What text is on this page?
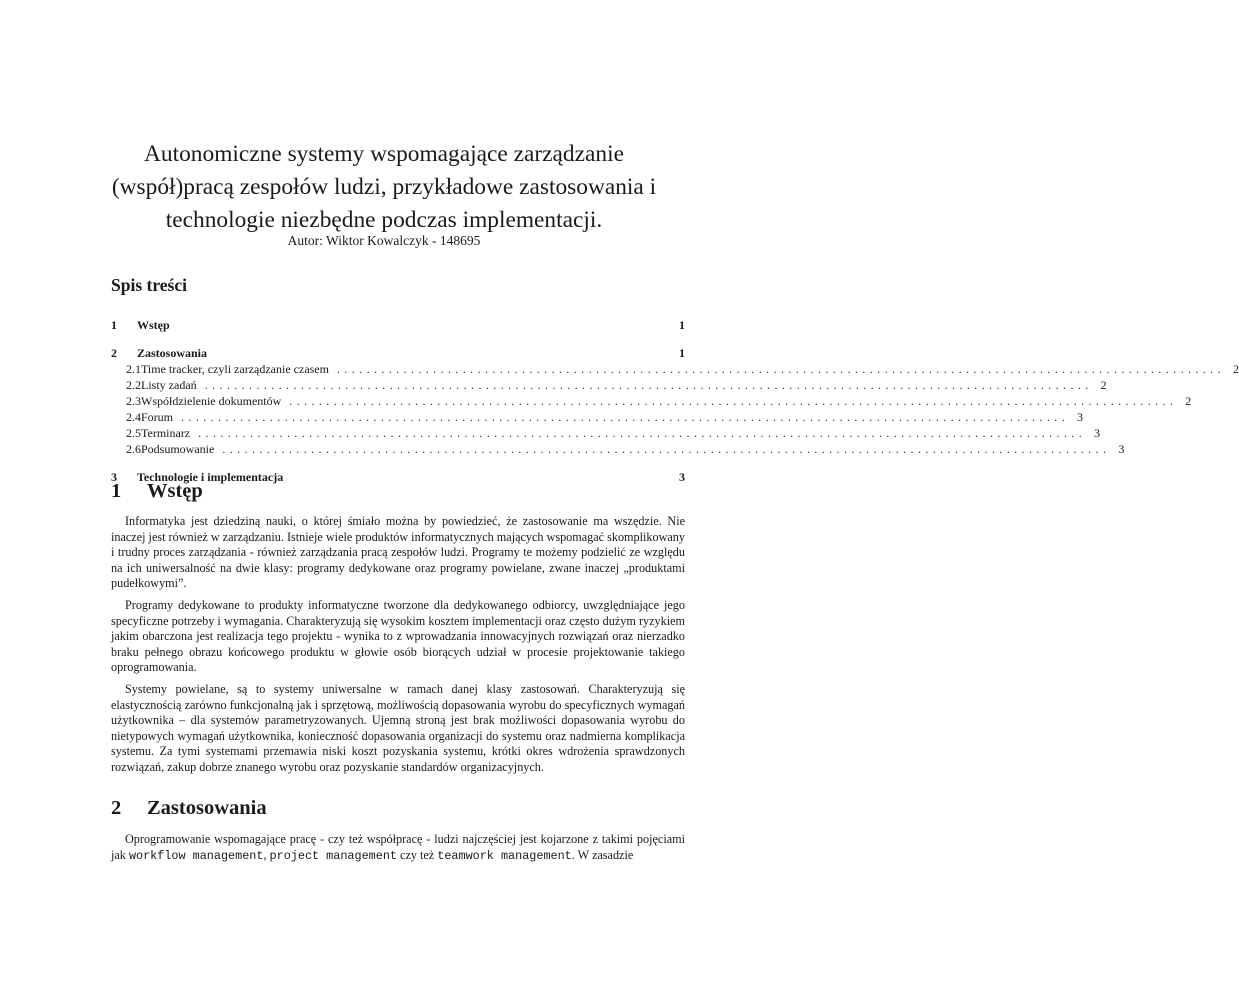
Autonomiczne systemy wspomagające zarządzanie (współ)pracą zespołów ludzi, przykładowe zastosowania i technologie niezbędne podczas implementacji.
Autor: Wiktor Kowalczyk - 148695
Spis treści
1	Wstęp	1
2	Zastosowania	1
2.1 Time tracker, czyli zarządzanie czasem ........................................................................................................................ 2
2.2 Listy zadań ........................................................................................................................ 2
2.3 Współdzielenie dokumentów ........................................................................................................................ 2
2.4 Forum ........................................................................................................................ 3
2.5 Terminarz ........................................................................................................................ 3
2.6 Podsumowanie ........................................................................................................................ 3
3	Technologie i implementacja	3
1	Wstęp

Informatyka jest dziedziną nauki, o której śmiało można by powiedzieć, że zastosowanie ma wszędzie. Nie inaczej jest również w zarządzaniu. Istnieje wiele produktów informatycznych mających wspomagać skomplikowany i trudny proces zarządzania - również zarządzania pracą zespołów ludzi. Programy te możemy podzielić ze względu na ich uniwersalność na dwie klasy: programy dedykowane oraz programy powielane, zwane inaczej „produktami pudełkowymi”.

Programy dedykowane to produkty informatyczne tworzone dla dedykowanego odbiorcy, uwzględniające jego specyficzne potrzeby i wymagania. Charakteryzują się wysokim kosztem implementacji oraz często dużym ryzykiem jakim obarczona jest realizacja tego projektu - wynika to z wprowadzania innowacyjnych rozwiązań oraz nierzadko braku pełnego obrazu końcowego produktu w głowie osób biorących udział w procesie projektowanie takiego oprogramowania.

Systemy powielane, są to systemy uniwersalne w ramach danej klasy zastosowań. Charakteryzują się elastycznością zarówno funkcjonalną jak i sprzętową, możliwością dopasowania wyrobu do specyficznych wymagań użytkownika – dla systemów parametryzowanych. Ujemną stroną jest brak możliwości dopasowania wyrobu do nietypowych wymagań użytkownika, konieczność dopasowania organizacji do systemu oraz nadmierna komplikacja systemu. Za tymi systemami przemawia niski koszt pozyskania systemu, krótki okres wdrożenia sprawdzonych rozwiązań, zakup dobrze znanego wyrobu oraz pozyskanie standardów organizacyjnych.

2	Zastosowania

Oprogramowanie wspomagające pracę - czy też współpracę - ludzi najczęściej jest kojarzone z takimi pojęciami jak workflow management, project management czy też teamwork management. W zasadzie
